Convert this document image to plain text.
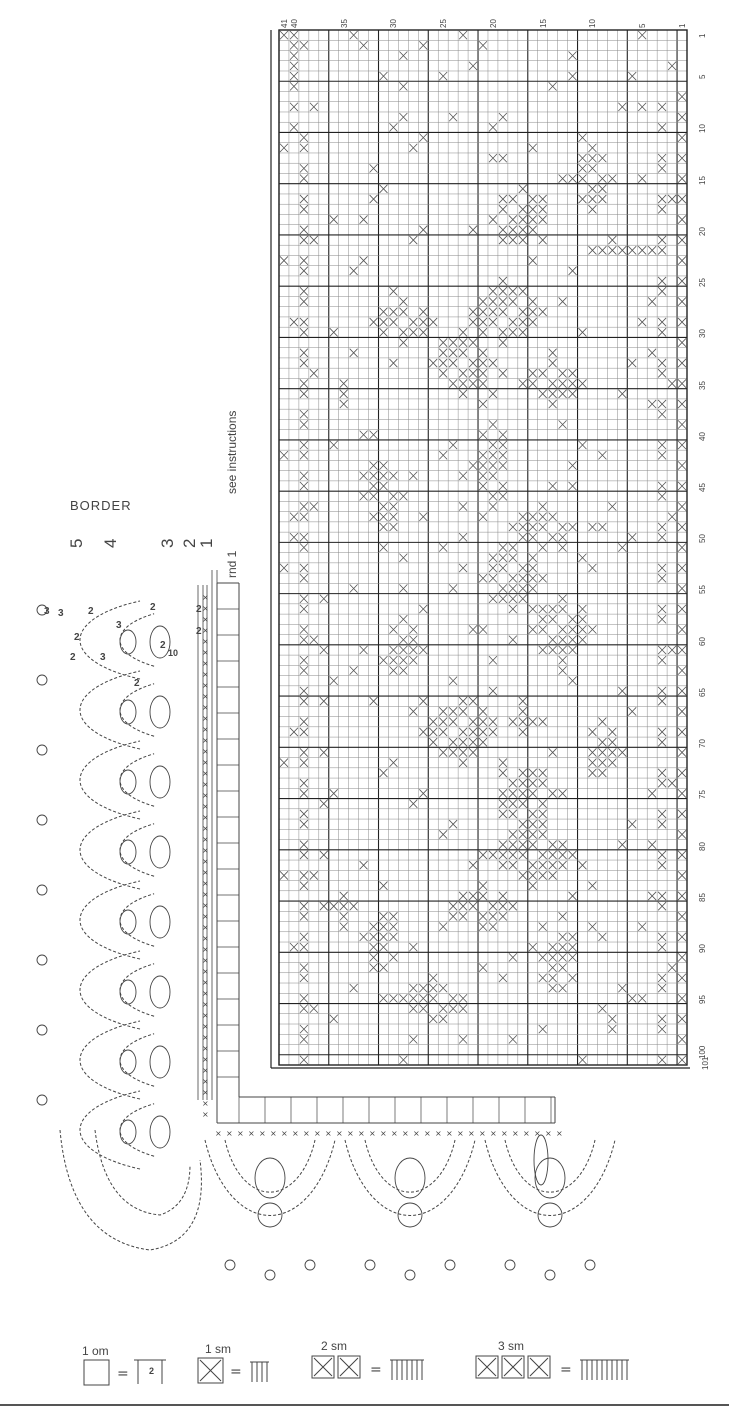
×
×
×
×
×
×
×
×
×
×
×
×
×
×
×
×
×
×
×
×
×
×
×
×
×
×
×
×
×
×
×
×
×
×
×
×
×
×
×
×
×
×
×
×
×
×
×
×
× × × × × × × × × × × × × × × × × × × × × × × × × × × × × × × ×
=	=	=	=
BORDER
5 4 3 2
1
rnd 1
see instructions
1
5
10
15
20
25
30
35
40
45
50
55
60
65
70
75
80
85
90
95
100
101
41 40	35	30	25	20	15	10	5	1
3
2
2
3
2 3
3
2
2
2
2
2
10
1 om	1 sm	2 sm	3 sm
2
